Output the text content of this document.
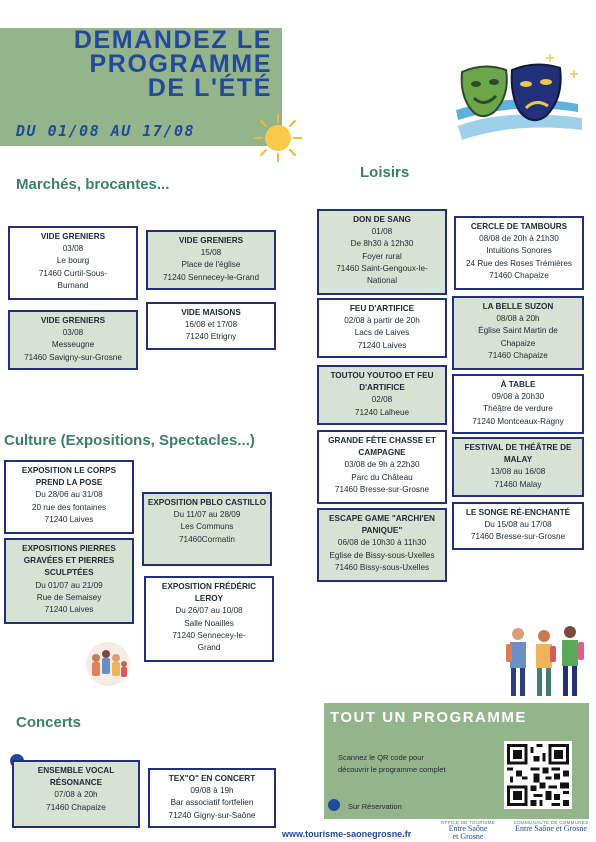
DEMANDEZ LE
PROGRAMME
DE L'ÉTÉ
DU 01/08 AU 17/08
Marchés, brocantes...
Loisirs
Culture (Expositions, Spectacles...)
Concerts
VIDE GRENIERS
03/08
Le bourg
71460 Curtil-Sous-
Burnand
VIDE GRENIERS
15/08
Place de l'église
71240 Sennecey-le-Grand
VIDE GRENIERS
03/08
Messeugne
71460 Savigny-sur-Grosne
VIDE MAISONS
16/08 et 17/08
71240 Etrigny
EXPOSITION LE CORPS PREND LA POSE
Du 28/06 au 31/08
20 rue des fontaines
71240 Laives
EXPOSITION PBLO CASTILLO
Du 11/07 au 28/09
Les Communs
71460Cormatin
EXPOSITIONS PIERRES GRAVÉES ET PIERRES SCULPTÉES
Du 01/07 au 21/09
Rue de Semaisey
71240 Laives
EXPOSITION FRÉDÉRIC LEROY
Du 26/07 au 10/08
Salle Noailles
71240 Sennecey-le-
Grand
DON DE SANG
01/08
De 8h30 à 12h30
Foyer rural
71460 Saint-Gengoux-le-
National
FEU D'ARTIFICE
02/08 à partir de 20h
Lacs de Laives
71240 Laives
TOUTOU YOUTOO ET FEU D'ARTIFICE
02/08
71240 Lalheue
GRANDE FÊTE CHASSE ET CAMPAGNE
03/08 de 9h à 22h30
Parc du Château
71460 Bresse-sur-Grosne
ESCAPE GAME "ARCHI'EN PANIQUE"
06/08 de 10h30 à 11h30
Eglise de Bissy-sous-Uxelles
71460 Bissy-sous-Uxelles
CERCLE DE TAMBOURS
08/08 de 20h à 21h30
Intuitions Sonores
24 Rue des Roses Trémières
71460 Chapaize
LA BELLE SUZON
08/08 à 20h
Église Saint Martin de
Chapaize
71460 Chapaize
À TABLE
09/08 à 20h30
Théâtre de verdure
71240 Montceaux-Ragny
FESTIVAL DE THÉÂTRE DE MALAY
13/08 au 16/08
71460 Malay
LE SONGE RÉ-ENCHANTÉ
Du 15/08 au 17/08
71460 Bresse-sur-Grosne
ENSEMBLE VOCAL RÉSONANCE
07/08 à 20h
71460 Chapaize
TEX"O" EN CONCERT
09/08 à 19h
Bar associatif fortfelien
71240 Gigny-sur-Saône
TOUT UN PROGRAMME
Scannez le QR code pour découvrir le programme complet
Sur Réservation
www.tourisme-saonegrosne.fr
OFFICE DE TOURISME
Entre Saône
et Grosne
COMMUNAUTÉ DE COMMUNES
Entre Saône et Grosne
